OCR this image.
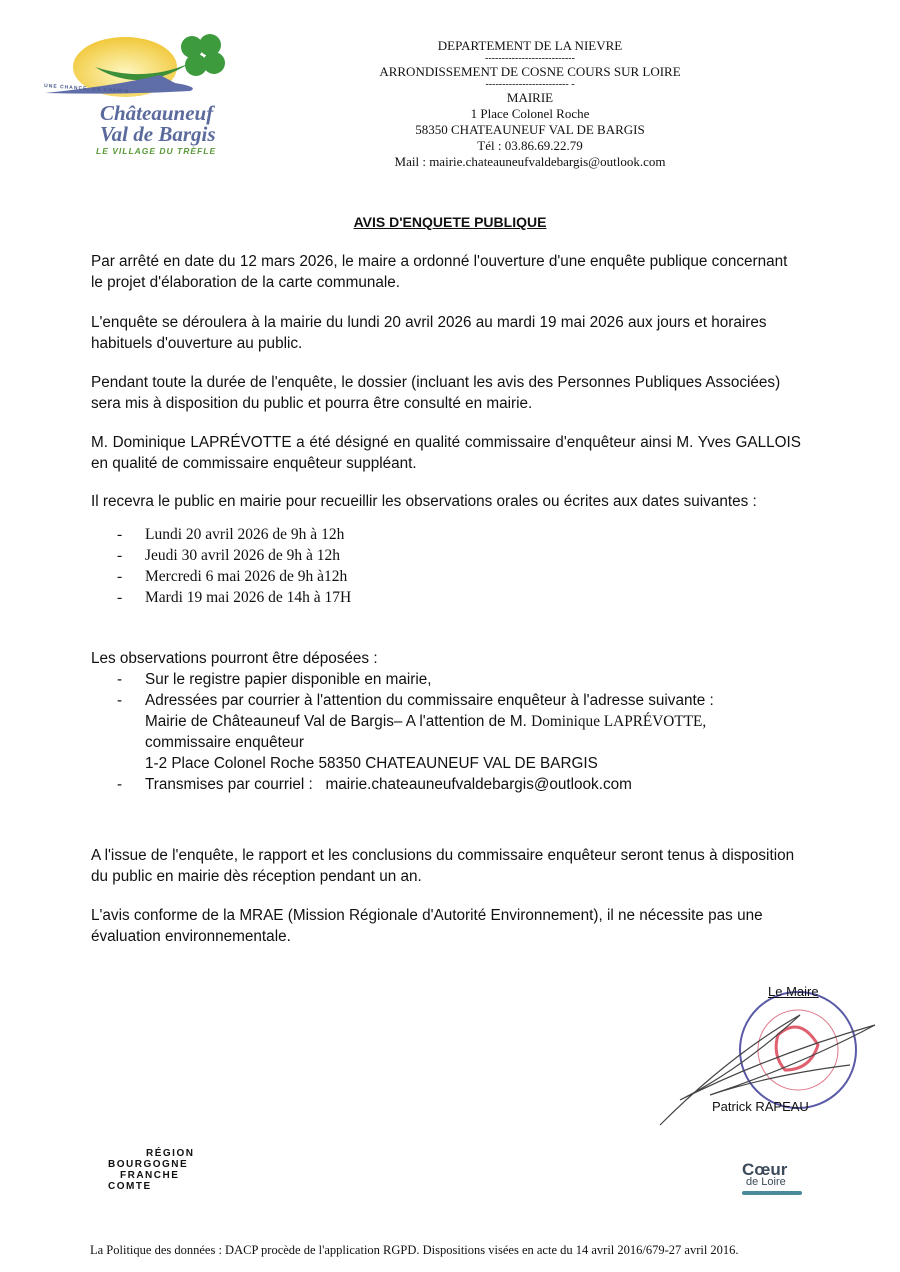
UNE CHANCE, UN CHEMIN
Châteauneuf
Val de Bargis
LE VILLAGE DU TRÈFLE
DEPARTEMENT DE LA NIEVRE
---------------------------
ARRONDISSEMENT DE COSNE COURS SUR LOIRE
------------------------- -
MAIRIE
1 Place Colonel Roche
58350 CHATEAUNEUF VAL DE BARGIS
Tél : 03.86.69.22.79
Mail : mairie.chateauneufvaldebargis@outlook.com
AVIS D'ENQUETE PUBLIQUE
Par arrêté en date du 12 mars 2026, le maire a ordonné l'ouverture d'une enquête publique concernant le projet d'élaboration de la carte communale.
L'enquête se déroulera à la mairie du lundi 20 avril 2026 au mardi 19 mai 2026 aux jours et horaires habituels d'ouverture au public.
Pendant toute la durée de l'enquête, le dossier (incluant les avis des Personnes Publiques Associées) sera mis à disposition du public et pourra être consulté en mairie.
M. Dominique LAPRÉVOTTE a été désigné en qualité commissaire d'enquêteur ainsi M. Yves GALLOIS en qualité de commissaire enquêteur suppléant.
Il recevra le public en mairie pour recueillir les observations orales ou écrites aux dates suivantes :
- Lundi 20 avril 2026 de 9h à 12h
- Jeudi 30 avril 2026 de 9h à 12h
- Mercredi 6 mai 2026 de 9h à12h
- Mardi 19 mai 2026 de 14h à 17H
Les observations pourront être déposées :
- Sur le registre papier disponible en mairie,
- Adressées par courrier à l'attention du commissaire enquêteur à l'adresse suivante :
Mairie de Châteauneuf Val de Bargis– A l'attention de M. Dominique LAPRÉVOTTE,
commissaire enquêteur
1-2 Place Colonel Roche 58350 CHATEAUNEUF VAL DE BARGIS
- Transmises par courriel : mairie.chateauneufvaldebargis@outlook.com
A l'issue de l'enquête, le rapport et les conclusions du commissaire enquêteur seront tenus à disposition du public en mairie dès réception pendant un an.
L'avis conforme de la MRAE (Mission Régionale d'Autorité Environnement), il ne nécessite pas une évaluation environnementale.
Le Maire
Patrick RAPEAU
RÉGION
BOURGOGNE
FRANCHE
COMTE
Cœur
de Loire
La Politique des données : DACP procède de l'application RGPD. Dispositions visées en acte du 14 avril 2016/679-27 avril 2016.
